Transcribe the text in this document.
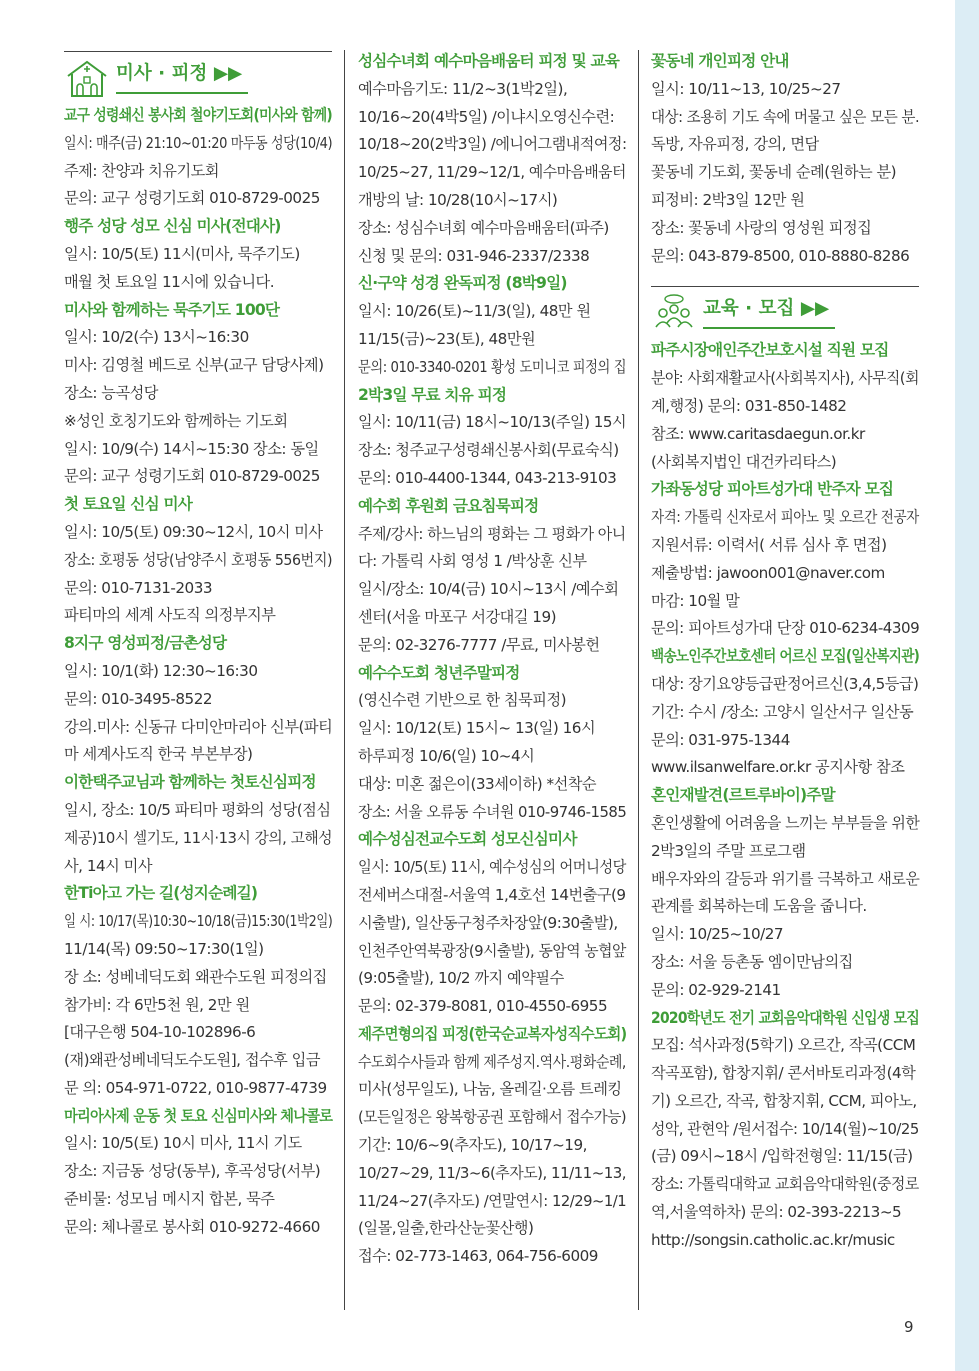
미사 · 피정 ▶▶
교구 성령쇄신 봉사회 철야기도회(미사와 함께)
일시: 매주(금) 21:10~01:20 마두동 성당(10/4)
주제: 찬양과 치유기도회
문의: 교구 성령기도회 010-8729-0025
행주 성당 성모 신심 미사(전대사)
일시: 10/5(토) 11시(미사, 묵주기도)
매월 첫 토요일 11시에 있습니다.
미사와 함께하는 묵주기도 100단
일시: 10/2(수) 13시~16:30
미사: 김영철 베드로 신부(교구 담당사제)
장소: 능곡성당
※성인 호칭기도와 함께하는 기도회
일시: 10/9(수) 14시~15:30 장소: 동일
문의: 교구 성령기도회 010-8729-0025
첫 토요일 신심 미사
일시: 10/5(토) 09:30~12시, 10시 미사
장소: 호평동 성당(남양주시 호평동 556번지)
문의: 010-7131-2033
파티마의 세계 사도직 의정부지부
8지구 영성피정/금촌성당
일시: 10/1(화) 12:30~16:30
문의: 010-3495-8522
강의.미사: 신동규 다미안마리아 신부(파티
마 세계사도직 한국 부본부장)
이한택주교님과 함께하는 첫토신심피정
일시, 장소: 10/5 파티마 평화의 성당(점심
제공)10시 셀기도, 11시·13시 강의, 고해성
사, 14시 미사
한Ti아고 가는 길(성지순례길)
일 시: 10/17(목)10:30~10/18(금)15:30(1박2일)
11/14(목) 09:50~17:30(1일)
장 소: 성베네딕도회 왜관수도원 피정의집
참가비: 각 6만5천 원, 2만 원
[대구은행 504-10-102896-6
(재)왜관성베네딕도수도원], 접수후 입금
문 의: 054-971-0722, 010-9877-4739
마리아사제 운동 첫 토요 신심미사와 체나콜로
일시: 10/5(토) 10시 미사, 11시 기도
장소: 지금동 성당(동부), 후곡성당(서부)
준비물: 성모님 메시지 합본, 묵주
문의: 체나콜로 봉사회 010-9272-4660
성심수녀회 예수마음배움터 피정 및 교육
예수마음기도: 11/2~3(1박2일),
10/16~20(4박5일) /이냐시오영신수련:
10/18~20(2박3일) /에니어그램내적여정:
10/25~27, 11/29~12/1, 예수마음배움터
개방의 날: 10/28(10시~17시)
장소: 성심수녀회 예수마음배움터(파주)
신청 및 문의: 031-946-2337/2338
신·구약 성경 완독피정 (8박9일)
일시: 10/26(토)~11/3(일), 48만 원
11/15(금)~23(토), 48만원
문의: 010-3340-0201 황성 도미니코 피정의 집
2박3일 무료 치유 피정
일시: 10/11(금) 18시~10/13(주일) 15시
장소: 청주교구성령쇄신봉사회(무료숙식)
문의: 010-4400-1344, 043-213-9103
예수회 후원회 금요침묵피정
주제/강사: 하느님의 평화는 그 평화가 아니
다: 가톨릭 사회 영성 1 /박상훈 신부
일시/장소: 10/4(금) 10시~13시 /예수회
센터(서울 마포구 서강대길 19)
문의: 02-3276-7777 /무료, 미사봉헌
예수수도회 청년주말피정
(영신수련 기반으로 한 침묵피정)
일시: 10/12(토) 15시~ 13(일) 16시
하루피정 10/6(일) 10~4시
대상: 미혼 젊은이(33세이하) *선착순
장소: 서울 오류동 수녀원 010-9746-1585
예수성심전교수도회 성모신심미사
일시: 10/5(토) 11시, 예수성심의 어머니성당
전세버스대절-서울역 1,4호선 14번출구(9
시출발), 일산동구청주차장앞(9:30출발),
인천주안역북광장(9시출발), 동암역 농협앞
(9:05출발), 10/2 까지 예약필수
문의: 02-379-8081, 010-4550-6955
제주면형의집 피정(한국순교복자성직수도회)
수도회수사들과 함께 제주성지.역사.평화순례,
미사(성무일도), 나눔, 올레길·오름 트레킹
(모든일정은 왕복항공권 포함해서 접수가능)
기간: 10/6~9(추자도), 10/17~19,
10/27~29, 11/3~6(추자도), 11/11~13,
11/24~27(추자도) /연말연시: 12/29~1/1
(일몰,일출,한라산눈꽃산행)
접수: 02-773-1463, 064-756-6009
꽃동네 개인피정 안내
일시: 10/11~13, 10/25~27
대상: 조용히 기도 속에 머물고 싶은 모든 분.
독방, 자유피정, 강의, 면담
꽃동네 기도회, 꽃동네 순례(원하는 분)
피정비: 2박3일 12만 원
장소: 꽃동네 사랑의 영성원 피정집
문의: 043-879-8500, 010-8880-8286
교육 · 모집 ▶▶
파주시장애인주간보호시설 직원 모집
분야: 사회재활교사(사회복지사), 사무직(회
계,행정) 문의: 031-850-1482
참조: www.caritasdaegun.or.kr
(사회복지법인 대건카리타스)
가좌동성당 피아트성가대 반주자 모집
자격: 가톨릭 신자로서 피아노 및 오르간 전공자
지원서류: 이력서( 서류 심사 후 면접)
제출방법: jawoon001@naver.com
마감: 10월 말
문의: 피아트성가대 단장 010-6234-4309
백송노인주간보호센터 어르신 모집(일산복지관)
대상: 장기요양등급판정어르신(3,4,5등급)
기간: 수시 /장소: 고양시 일산서구 일산동
문의: 031-975-1344
www.ilsanwelfare.or.kr 공지사항 참조
혼인재발견(르트루바이)주말
혼인생활에 어려움을 느끼는 부부들을 위한
2박3일의 주말 프로그램
배우자와의 갈등과 위기를 극복하고 새로운
관계를 회복하는데 도움을 줍니다.
일시: 10/25~10/27
장소: 서울 등촌동 엠이만남의집
문의: 02-929-2141
2020학년도 전기 교회음악대학원 신입생 모집
모집: 석사과정(5학기) 오르간, 작곡(CCM
작곡포함), 합창지휘/ 콘서바토리과정(4학
기) 오르간, 작곡, 합창지휘, CCM, 피아노,
성악, 관현악 /원서접수: 10/14(월)~10/25
(금) 09시~18시 /입학전형일: 11/15(금)
장소: 가톨릭대학교 교회음악대학원(중정로
역,서울역하차) 문의: 02-393-2213~5
http://songsin.catholic.ac.kr/music
9
